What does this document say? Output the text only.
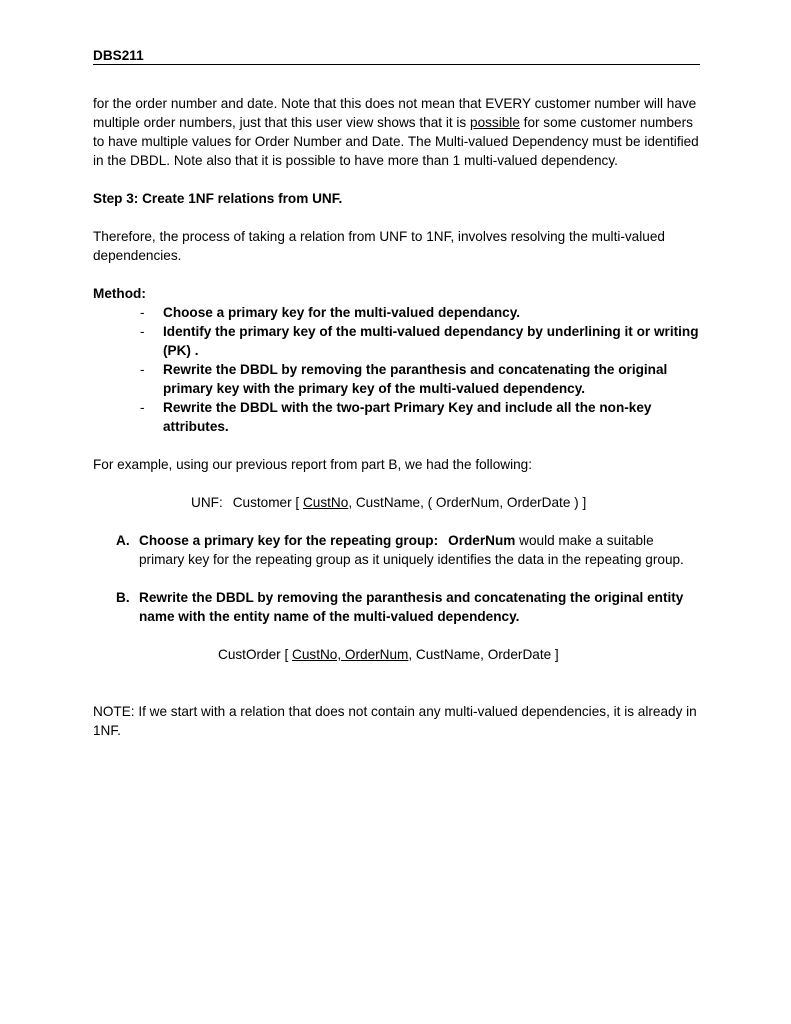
DBS211

for the order number and date. Note that this does not mean that EVERY customer number will have multiple order numbers, just that this user view shows that it is possible for some customer numbers to have multiple values for Order Number and Date. The Multi-valued Dependency must be identified in the DBDL. Note also that it is possible to have more than 1 multi-valued dependency.

Step 3: Create 1NF relations from UNF.

Therefore, the process of taking a relation from UNF to 1NF, involves resolving the multi-valued dependencies.

Method:
- Choose a primary key for the multi-valued dependancy.
- Identify the primary key of the multi-valued dependancy by underlining it or writing (PK) .
- Rewrite the DBDL by removing the paranthesis and concatenating the original primary key with the primary key of the multi-valued dependency.
- Rewrite the DBDL with the two-part Primary Key and include all the non-key attributes.

For example, using our previous report from part B, we had the following:

UNF: Customer [ CustNo, CustName, ( OrderNum, OrderDate ) ]
A. Choose a primary key for the repeating group: OrderNum would make a suitable primary key for the repeating group as it uniquely identifies the data in the repeating group.
B. Rewrite the DBDL by removing the paranthesis and concatenating the original entity name with the entity name of the multi-valued dependency.
CustOrder [ CustNo, OrderNum, CustName, OrderDate ]

NOTE: If we start with a relation that does not contain any multi-valued dependencies, it is already in 1NF.
